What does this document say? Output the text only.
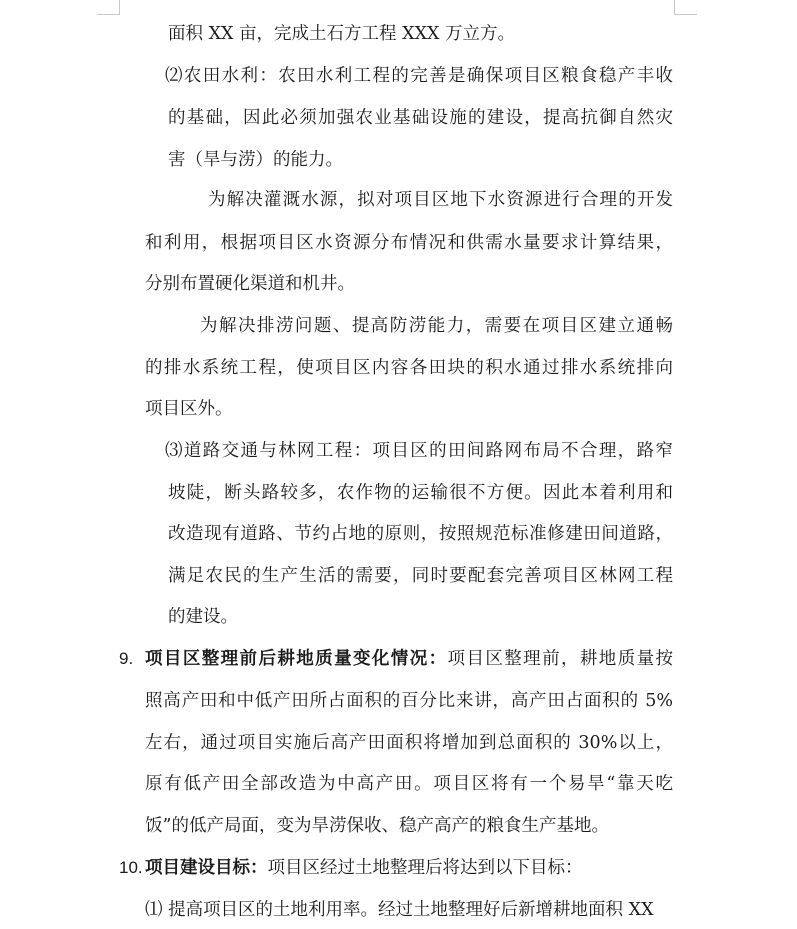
面积 XX 亩，完成土石方工程 XXX 万立方。
⑵农田水利：农田水利工程的完善是确保项目区粮食稳产丰收
的基础，因此必须加强农业基础设施的建设，提高抗御自然灾
害（旱与涝）的能力。
为解决灌溉水源，拟对项目区地下水资源进行合理的开发
和利用，根据项目区水资源分布情况和供需水量要求计算结果，
分别布置硬化渠道和机井。
为解决排涝问题、提高防涝能力，需要在项目区建立通畅
的排水系统工程，使项目区内容各田块的积水通过排水系统排向
项目区外。
⑶道路交通与林网工程：项目区的田间路网布局不合理，路窄
坡陡，断头路较多，农作物的运输很不方便。因此本着利用和
改造现有道路、节约占地的原则，按照规范标准修建田间道路，
满足农民的生产生活的需要，同时要配套完善项目区林网工程
的建设。
9. 项目区整理前后耕地质量变化情况：项目区整理前，耕地质量按
照高产田和中低产田所占面积的百分比来讲，高产田占面积的 5%
左右，通过项目实施后高产田面积将增加到总面积的 30%以上，
原有低产田全部改造为中高产田。项目区将有一个易旱“靠天吃
饭”的低产局面，变为旱涝保收、稳产高产的粮食生产基地。
10. 项目建设目标：项目区经过土地整理后将达到以下目标：
⑴ 提高项目区的土地利用率。经过土地整理好后新增耕地面积 XX
